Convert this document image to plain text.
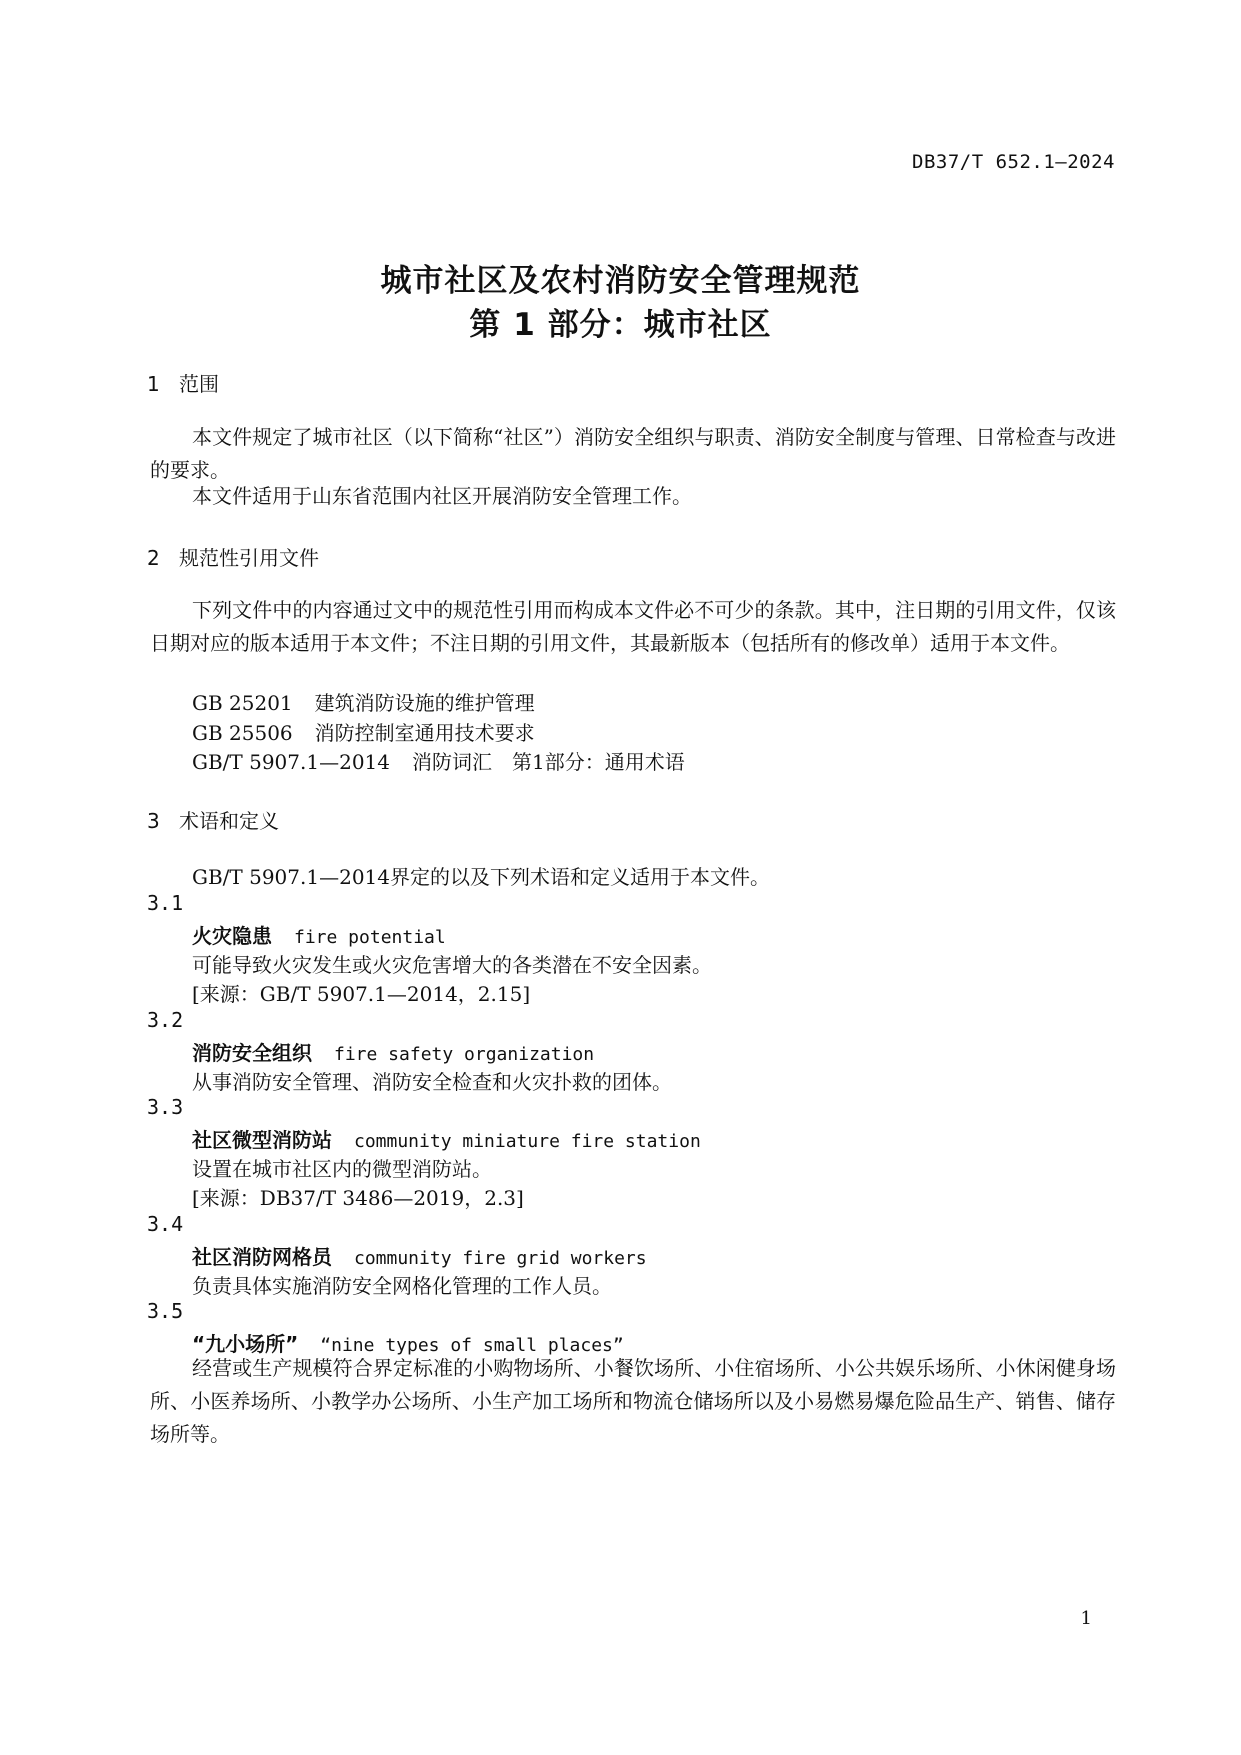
DB37/T 652.1—2024
城市社区及农村消防安全管理规范
第 1 部分：城市社区
1 范围
本文件规定了城市社区（以下简称“社区”）消防安全组织与职责、消防安全制度与管理、日常检查与改进的要求。
本文件适用于山东省范围内社区开展消防安全管理工作。
2 规范性引用文件
下列文件中的内容通过文中的规范性引用而构成本文件必不可少的条款。其中，注日期的引用文件，仅该日期对应的版本适用于本文件；不注日期的引用文件，其最新版本（包括所有的修改单）适用于本文件。
GB 25201 建筑消防设施的维护管理
GB 25506 消防控制室通用技术要求
GB/T 5907.1—2014 消防词汇　第1部分：通用术语
3 术语和定义
GB/T 5907.1—2014界定的以及下列术语和定义适用于本文件。
3.1
火灾隐患 fire potential
可能导致火灾发生或火灾危害增大的各类潜在不安全因素。
[来源：GB/T 5907.1—2014，2.15]
3.2
消防安全组织 fire safety organization
从事消防安全管理、消防安全检查和火灾扑救的团体。
3.3
社区微型消防站 community miniature fire station
设置在城市社区内的微型消防站。
[来源：DB37/T 3486—2019，2.3]
3.4
社区消防网格员 community fire grid workers
负责具体实施消防安全网格化管理的工作人员。
3.5
“九小场所” “nine types of small places”
经营或生产规模符合界定标准的小购物场所、小餐饮场所、小住宿场所、小公共娱乐场所、小休闲健身场所、小医养场所、小教学办公场所、小生产加工场所和物流仓储场所以及小易燃易爆危险品生产、销售、储存场所等。
1
